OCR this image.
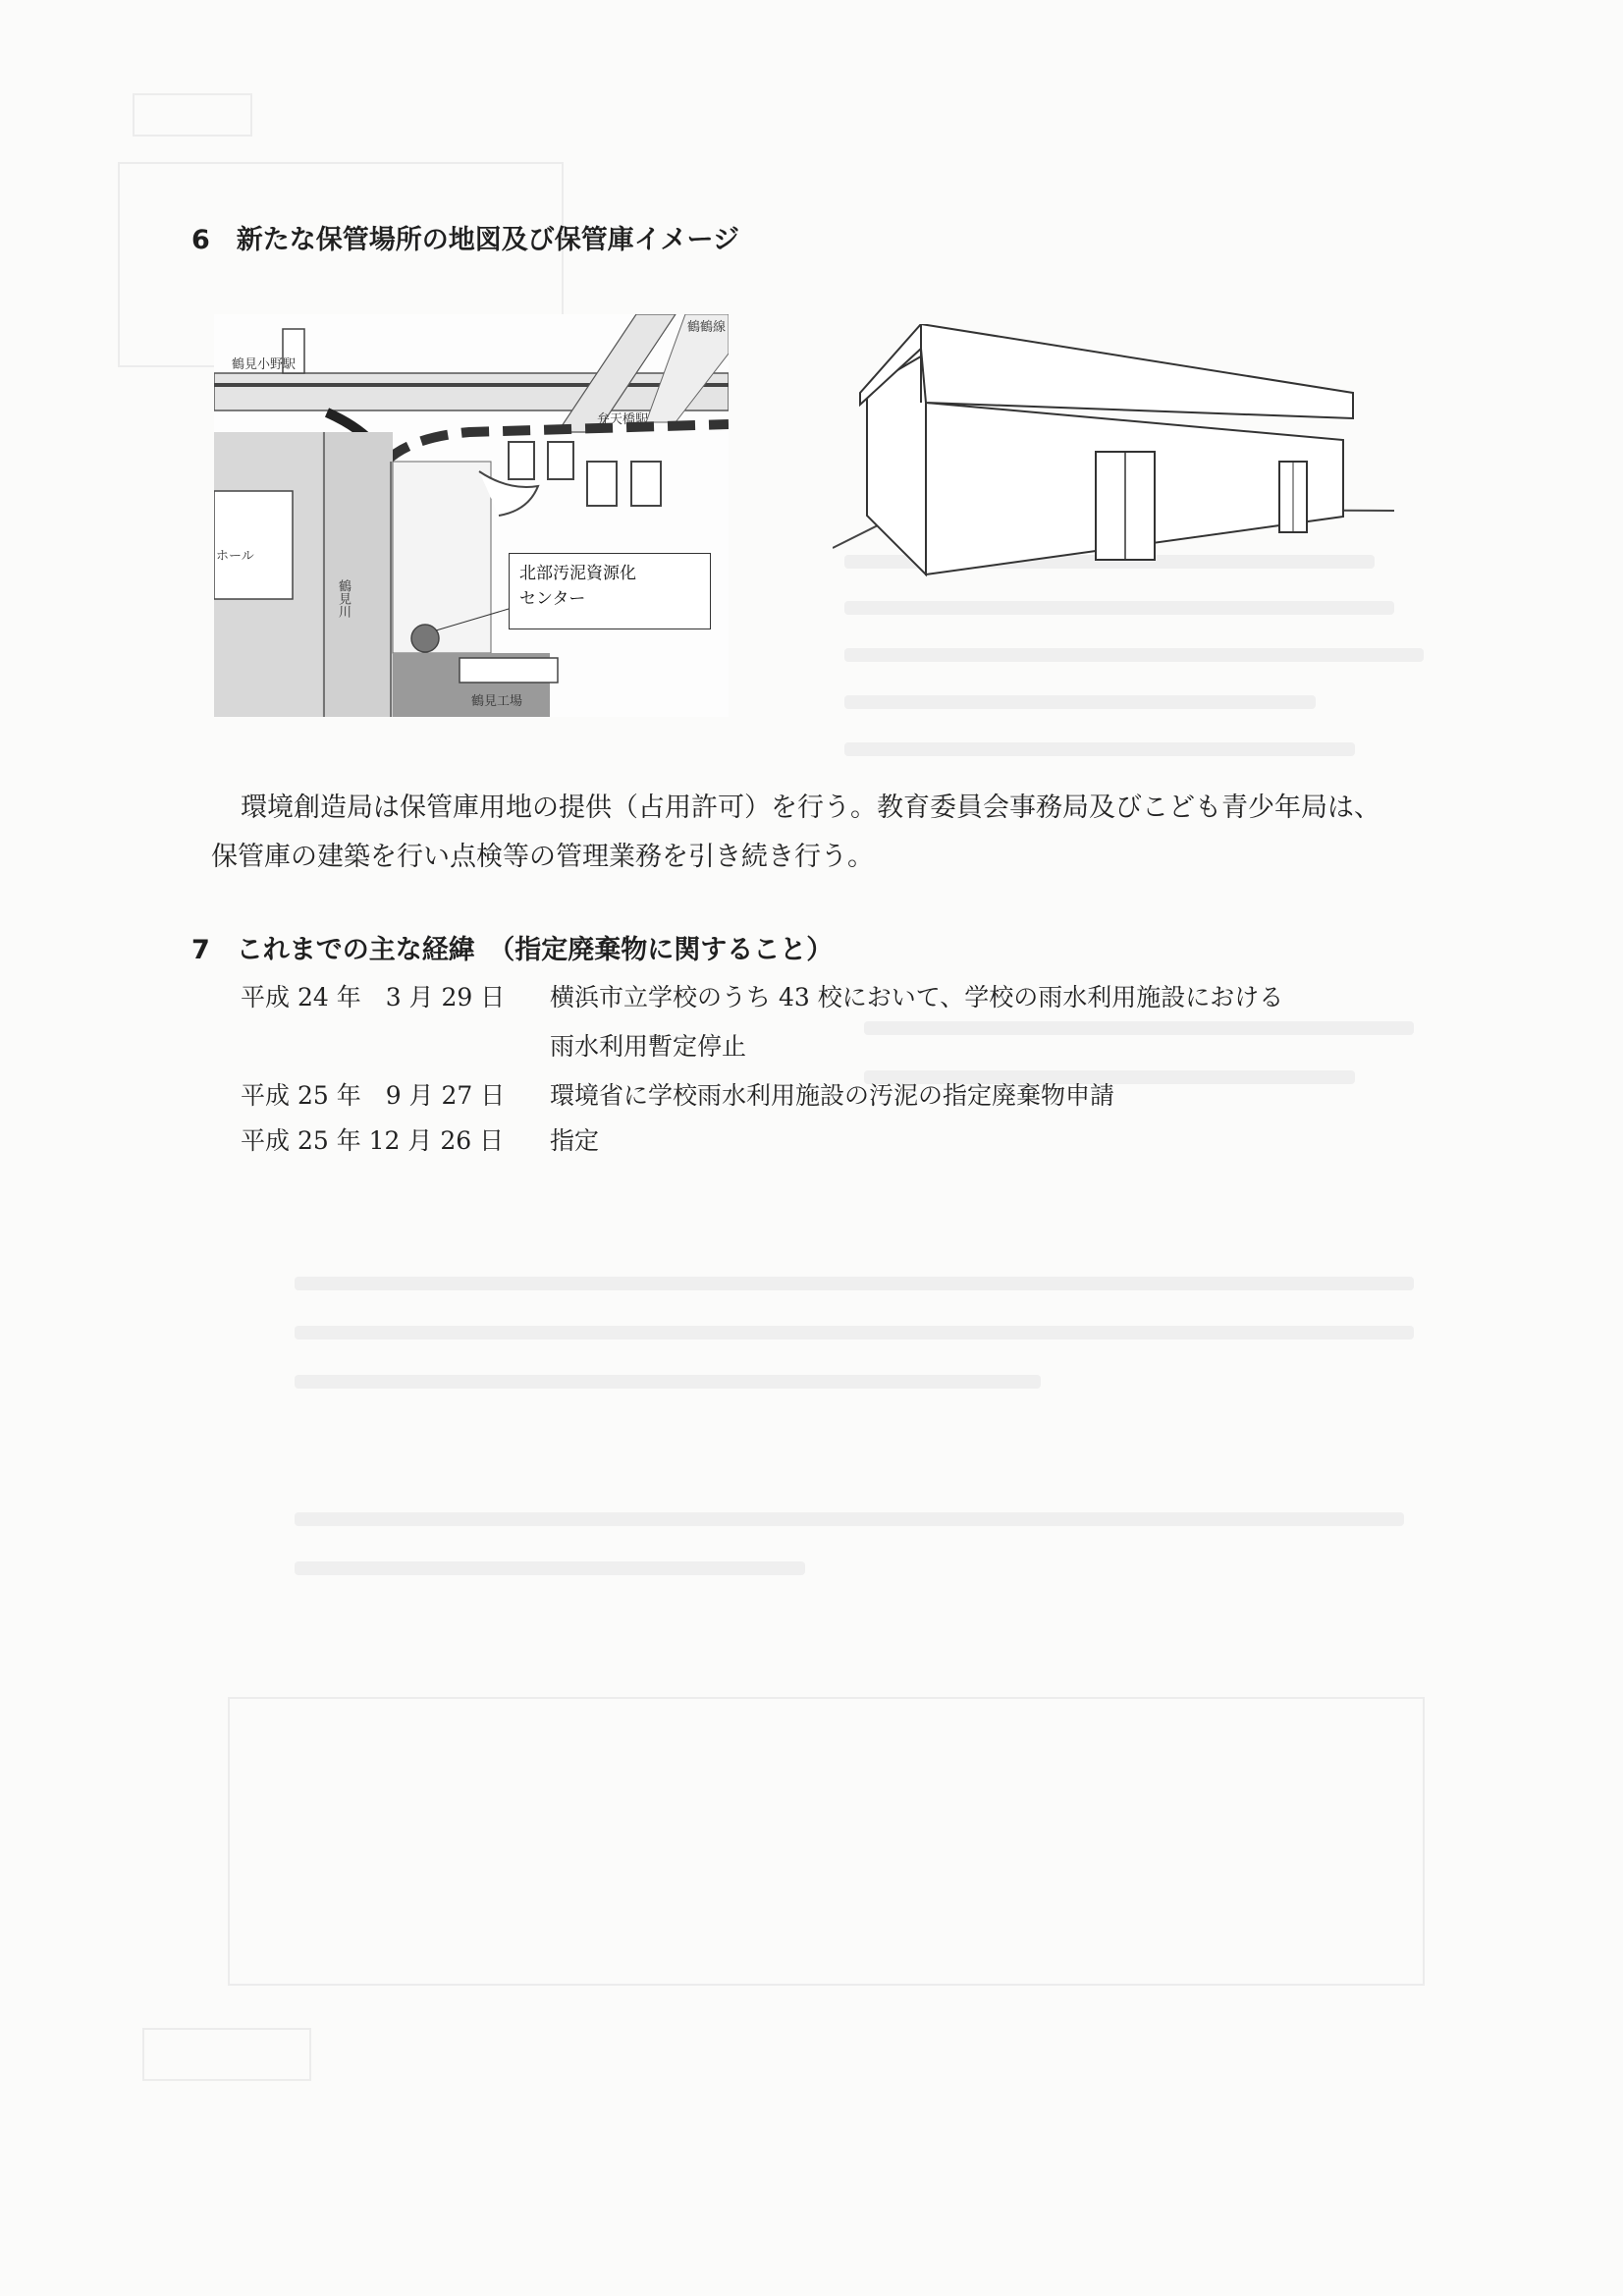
6　新たな保管場所の地図及び保管庫イメージ
鶴見小野駅
鶴鶴線
弁天橋駅
ホール
鶴見川
鶴見工場
北部汚泥資源化
センター
環境創造局は保管庫用地の提供（占用許可）を行う。教育委員会事務局及びこども青少年局は、
保管庫の建築を行い点検等の管理業務を引き続き行う。
7　これまでの主な経緯　（指定廃棄物に関すること）
平成 24 年　3 月 29 日	横浜市立学校のうち 43 校において、学校の雨水利用施設における
雨水利用暫定停止
平成 25 年　9 月 27 日	環境省に学校雨水利用施設の汚泥の指定廃棄物申請
平成 25 年 12 月 26 日	指定
